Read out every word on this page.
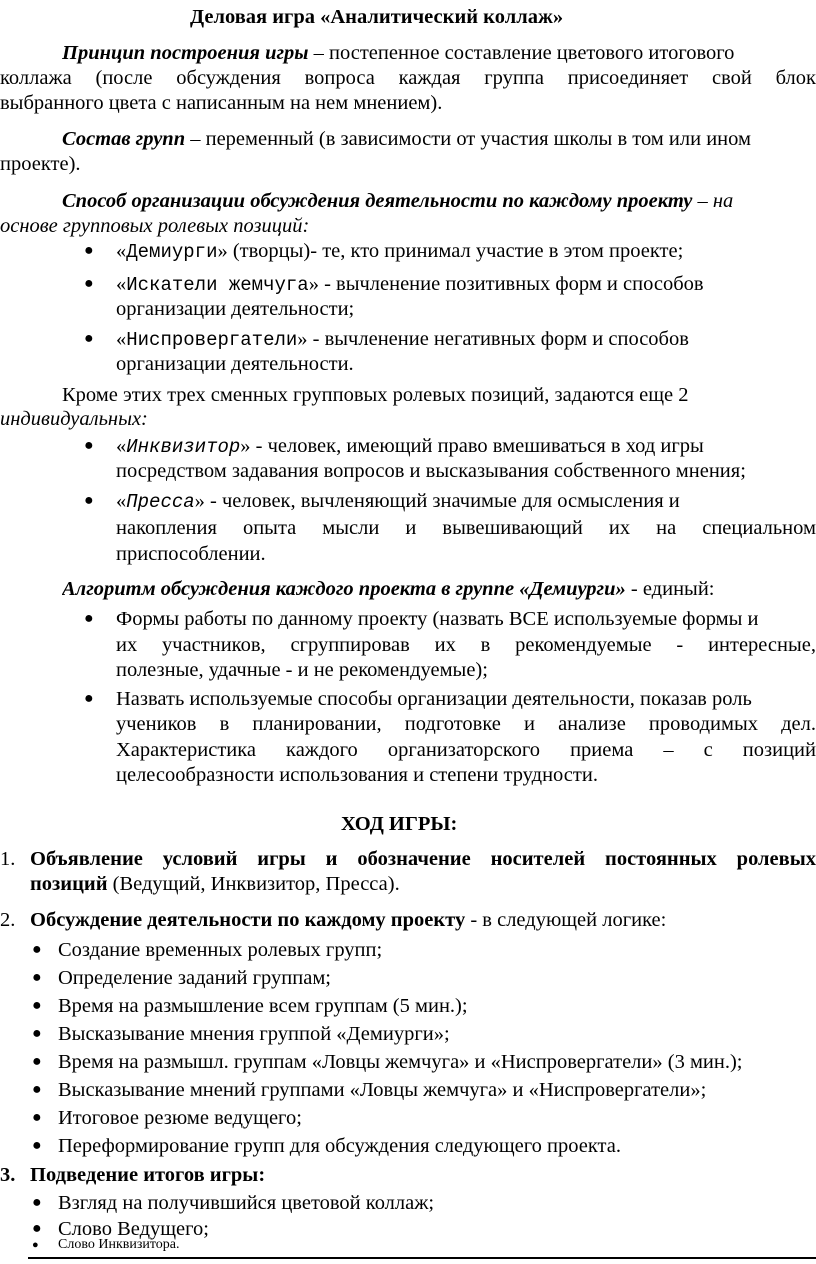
Деловая игра «Аналитический коллаж»
Принцип построения игры – постепенное составление цветового итогового
коллажа (после обсуждения вопроса каждая группа присоединяет свой блок
выбранного цвета с написанным на нем мнением).
Состав групп – переменный (в зависимости от участия школы в том или ином
проекте).
Способ организации обсуждения деятельности по каждому проекту – на
основе групповых ролевых позиций:
● «Демиурги» (творцы)- те, кто принимал участие в этом проекте;
● «Искатели жемчуга» - вычленение позитивных форм и способов
организации деятельности;
● «Ниспровергатели» - вычленение негативных форм и способов
организации деятельности.
Кроме этих трех сменных групповых ролевых позиций, задаются еще 2
индивидуальных:
● «Инквизитор» - человек, имеющий право вмешиваться в ход игры
посредством задавания вопросов и высказывания собственного мнения;
● «Пресса» - человек, вычленяющий значимые для осмысления и
накопления опыта мысли и вывешивающий их на специальном
приспособлении.
Алгоритм обсуждения каждого проекта в группе «Демиурги» - единый:
● Формы работы по данному проекту (назвать ВСЕ используемые формы и
их участников, сгруппировав их в рекомендуемые - интересные,
полезные, удачные - и не рекомендуемые);
● Назвать используемые способы организации деятельности, показав роль
учеников в планировании, подготовке и анализе проводимых дел.
Характеристика каждого организаторского приема – с позиций
целесообразности использования и степени трудности.
ХОД ИГРЫ:
1. Объявление условий игры и обозначение носителей постоянных ролевых
позиций (Ведущий, Инквизитор, Пресса).
2. Обсуждение деятельности по каждому проекту - в следующей логике:
● Создание временных ролевых групп;
● Определение заданий группам;
● Время на размышление всем группам (5 мин.);
● Высказывание мнения группой «Демиурги»;
● Время на размышл. группам «Ловцы жемчуга» и «Ниспровергатели» (3 мин.);
● Высказывание мнений группами «Ловцы жемчуга» и «Ниспровергатели»;
● Итоговое резюме ведущего;
● Переформирование групп для обсуждения следующего проекта.
3. Подведение итогов игры:
● Взгляд на получившийся цветовой коллаж;
● Слово Ведущего;
● Слово Инквизитора.
